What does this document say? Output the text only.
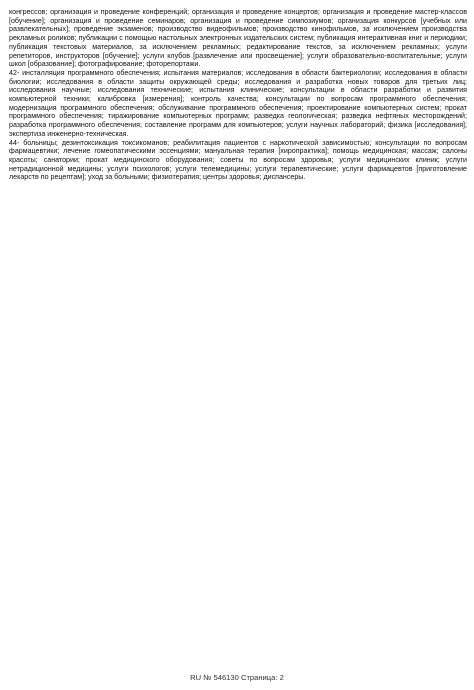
конгрессов; организация и проведение конференций; организация и проведение концертов; организация и проведение мастер-классов [обучение]; организация и проведение семинаров; организация и проведение симпозиумов; организация конкурсов [учебных или развлекательных]; проведение экзаменов; производство видеофильмов; производство кинофильмов, за исключением производства рекламных роликов; публикации с помощью настольных электронных издательских систем; публикация интерактивная книг и периодики; публикация текстовых материалов, за исключением рекламных; редактирование текстов, за исключением рекламных; услуги репетиторов, инструкторов [обучение]; услуги клубов [развлечение или просвещение]; услуги образовательно-воспитательные; услуги школ [образование]; фотографирование; фоторепортажи.

42- инсталляция программного обеспечения; испытания материалов; исследования в области бактериологии; исследования в области биологии; исследования в области защиты окружающей среды; исследования и разработка новых товаров для третьих лиц; исследования научные; исследования технические; испытания клинические; консультации в области разработки и развития компьютерной техники; калибровка [измерения]; контроль качества; консультации по вопросам программного обеспечения; модернизация программного обеспечения; обслуживание программного обеспечения; проектирование компьютерных систем; прокат программного обеспечения; тиражирование компьютерных программ; разведка геологическая; разведка нефтяных месторождений; разработка программного обеспечения; составление программ для компьютеров; услуги научных лабораторий; физика [исследования]; экспертиза инженерно-техническая.

44- больницы; дезинтоксикация токсикоманов; реабилитация пациентов с наркотической зависимостью; консультации по вопросам фармацевтики; лечение гомеопатическими эссенциями; мануальная терапия [хиропрактика]; помощь медицинская; массаж; салоны красоты; санатории; прокат медицинского оборудования; советы по вопросам здоровья; услуги медицинских клиник; услуги нетрадиционной медицины; услуги психологов; услуги телемедицины; услуги терапевтические; услуги фармацевтов [приготовление лекарств по рецептам]; уход за больными; физиотерапия; центры здоровья; диспансеры.

RU № 546130 Страница: 2
